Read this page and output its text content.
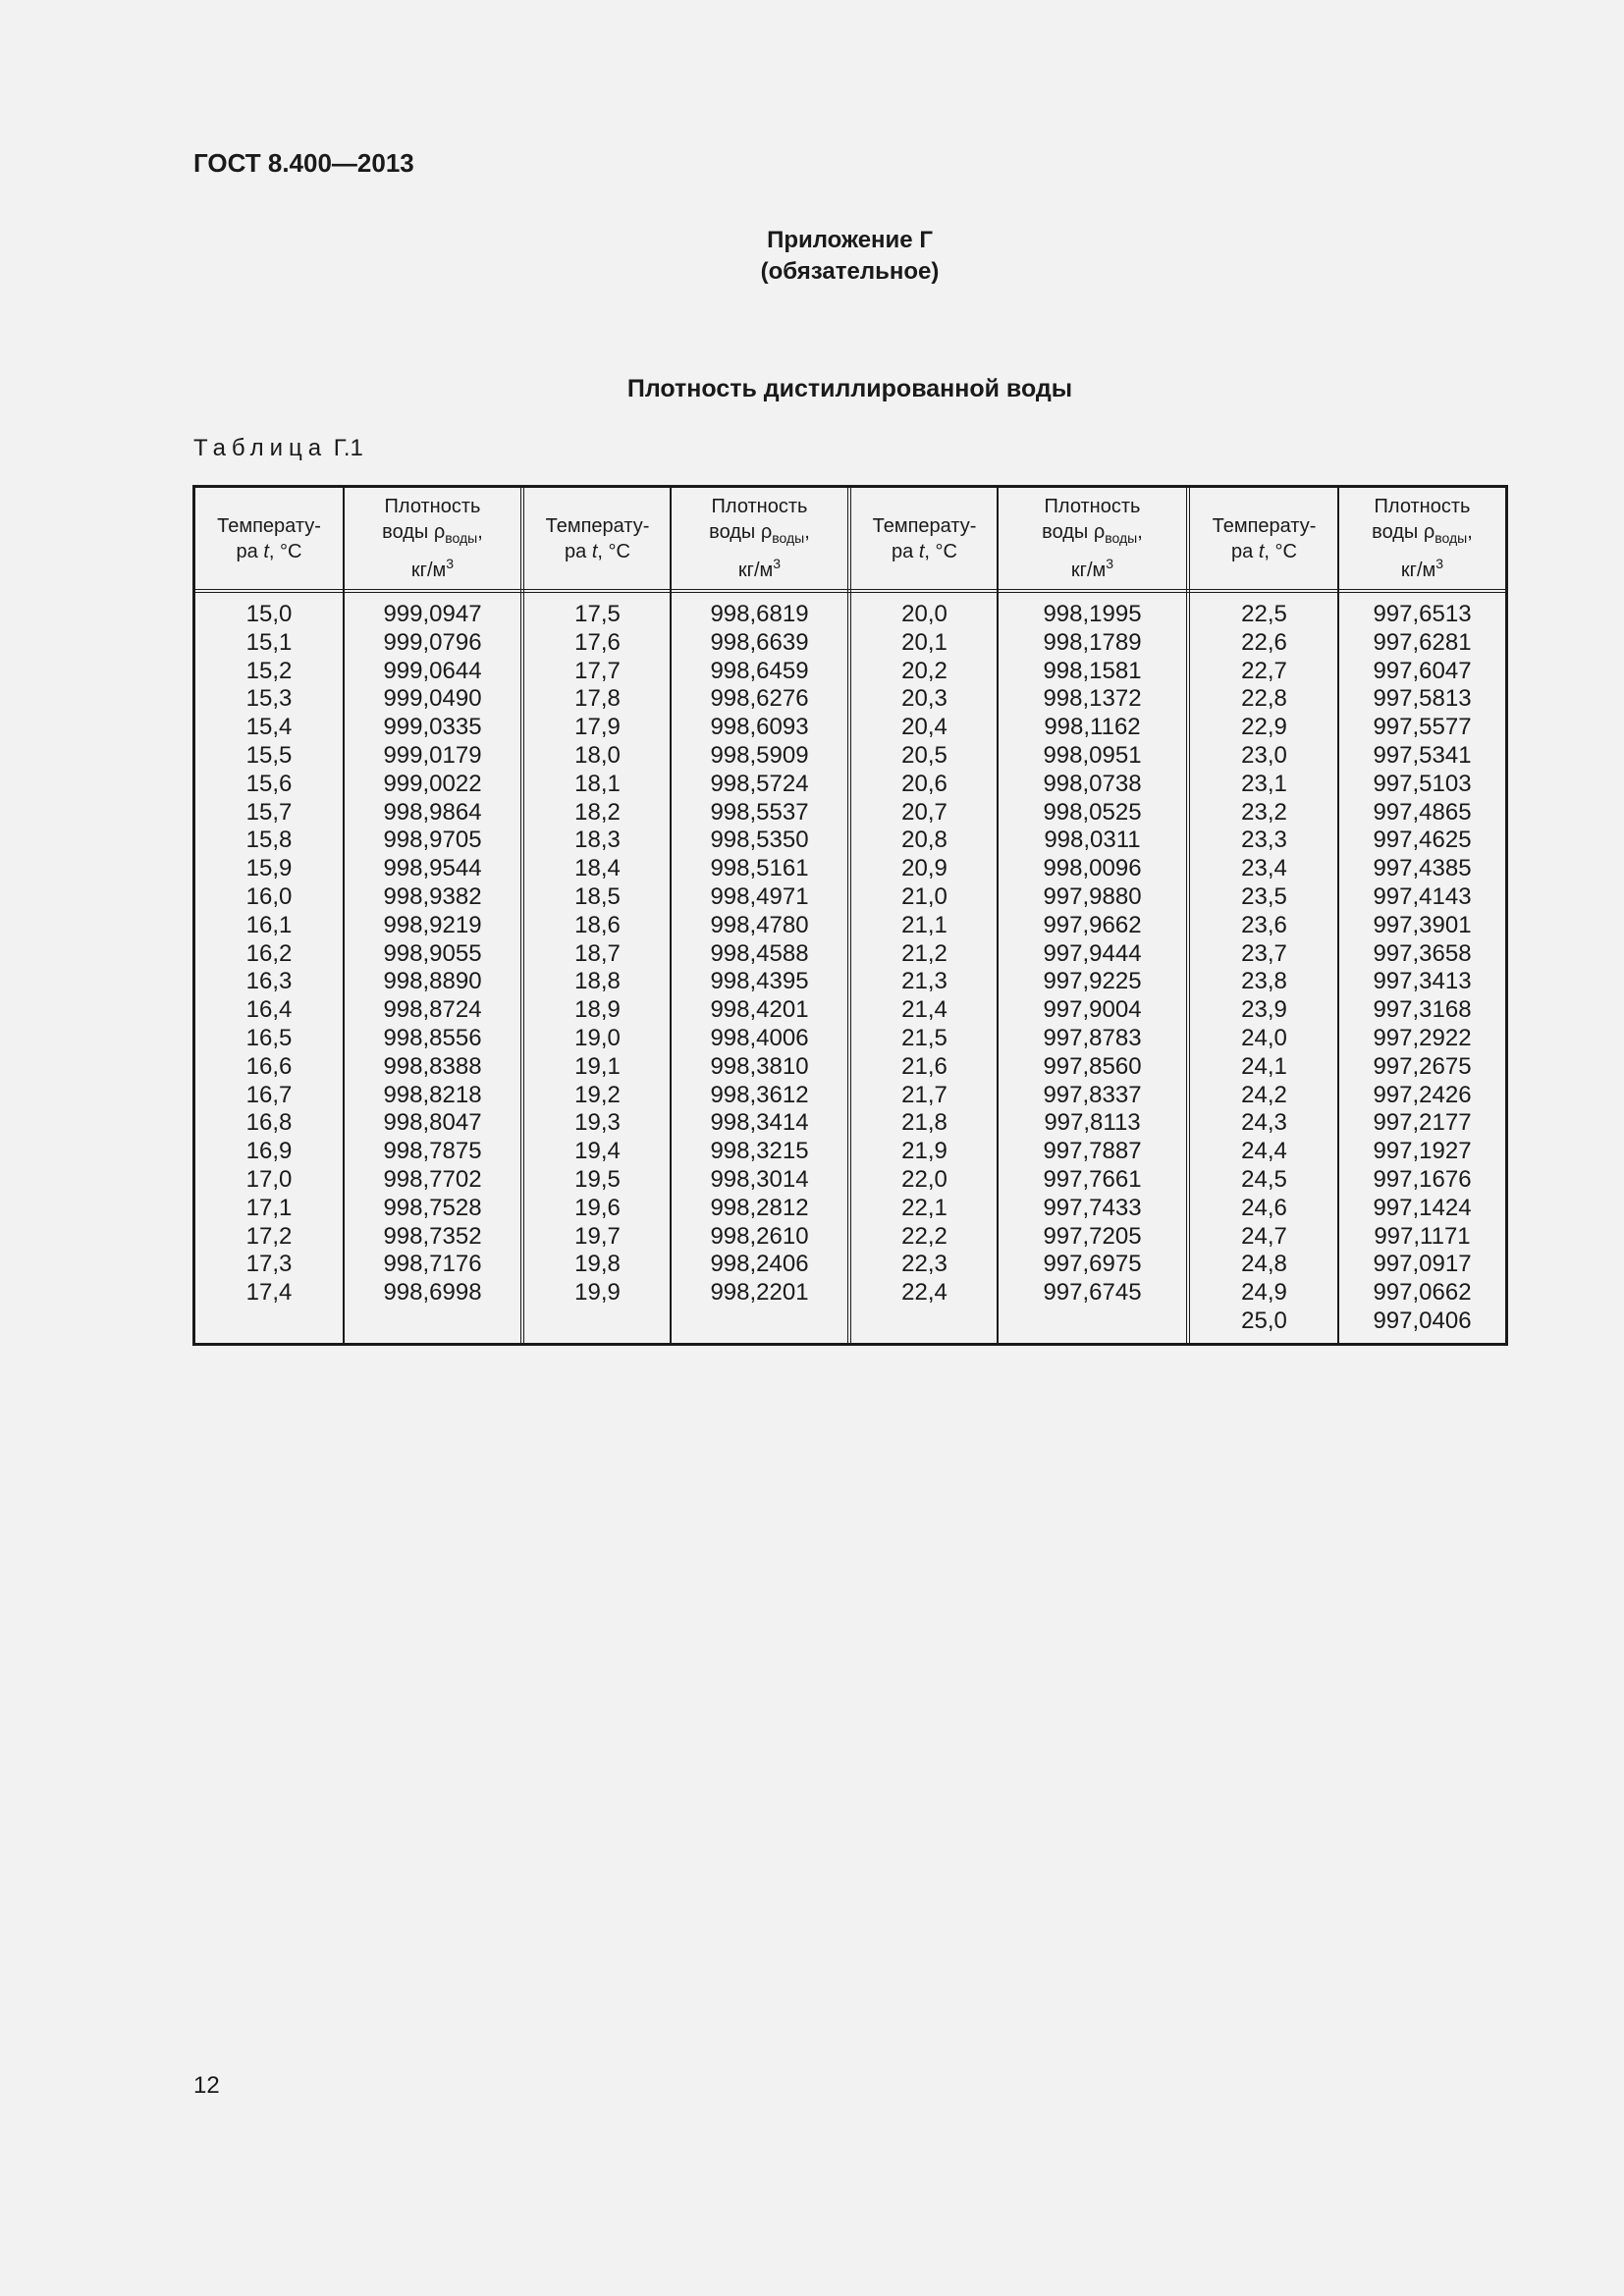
ГОСТ 8.400—2013

Приложение Г

(обязательное)

Плотность дистиллированной воды

Таблица Г.1

Температу-
ра t, °С
Плотность
воды $\rho_{воды}$,
$кг/м^3$
15,0
15,1
15,2
15,3
15,4
15,5
15,6
15,7
15,8
15,9
16,0
16,1
16,2
16,3
16,4
16,5
16,6
16,7
16,8
16,9
17,0
17,1
17,2
17,3
17,4
999,0947
999,0796
999,0644
999,0490
999,0335
999,0179
999,0022
998,9864
998,9705
998,9544
998,9382
998,9219
998,9055
998,8890
998,8724
998,8556
998,8388
998,8218
998,8047
998,7875
998,7702
998,7528
998,7352
998,7176
998,6998
Температу-
ра t, °С
Плотность
воды $\rho_{воды}$,
$кг/м^3$
17,5
17,6
17,7
17,8
17,9
18,0
18,1
18,2
18,3
18,4
18,5
18,6
18,7
18,8
18,9
19,0
19,1
19,2
19,3
19,4
19,5
19,6
19,7
19,8
19,9
998,6819
998,6639
998,6459
998,6276
998,6093
998,5909
998,5724
998,5537
998,5350
998,5161
998,4971
998,4780
998,4588
998,4395
998,4201
998,4006
998,3810
998,3612
998,3414
998,3215
998,3014
998,2812
998,2610
998,2406
998,2201
Температу-
ра t, °С
Плотность
воды $\rho_{воды}$,
$кг/м^3$
20,0
20,1
20,2
20,3
20,4
20,5
20,6
20,7
20,8
20,9
21,0
21,1
21,2
21,3
21,4
21,5
21,6
21,7
21,8
21,9
22,0
22,1
22,2
22,3
22,4
998,1995
998,1789
998,1581
998,1372
998,1162
998,0951
998,0738
998,0525
998,0311
998,0096
997,9880
997,9662
997,9444
997,9225
997,9004
997,8783
997,8560
997,8337
997,8113
997,7887
997,7661
997,7433
997,7205
997,6975
997,6745
Температу-
ра t, °С
Плотность
воды $\rho_{воды}$,
$кг/м^3$
22,5
22,6
22,7
22,8
22,9
23,0
23,1
23,2
23,3
23,4
23,5
23,6
23,7
23,8
23,9
24,0
24,1
24,2
24,3
24,4
24,5
24,6
24,7
24,8
24,9
25,0
997,6513
997,6281
997,6047
997,5813
997,5577
997,5341
997,5103
997,4865
997,4625
997,4385
997,4143
997,3901
997,3658
997,3413
997,3168
997,2922
997,2675
997,2426
997,2177
997,1927
997,1676
997,1424
997,1171
997,0917
997,0662
997,0406

12
